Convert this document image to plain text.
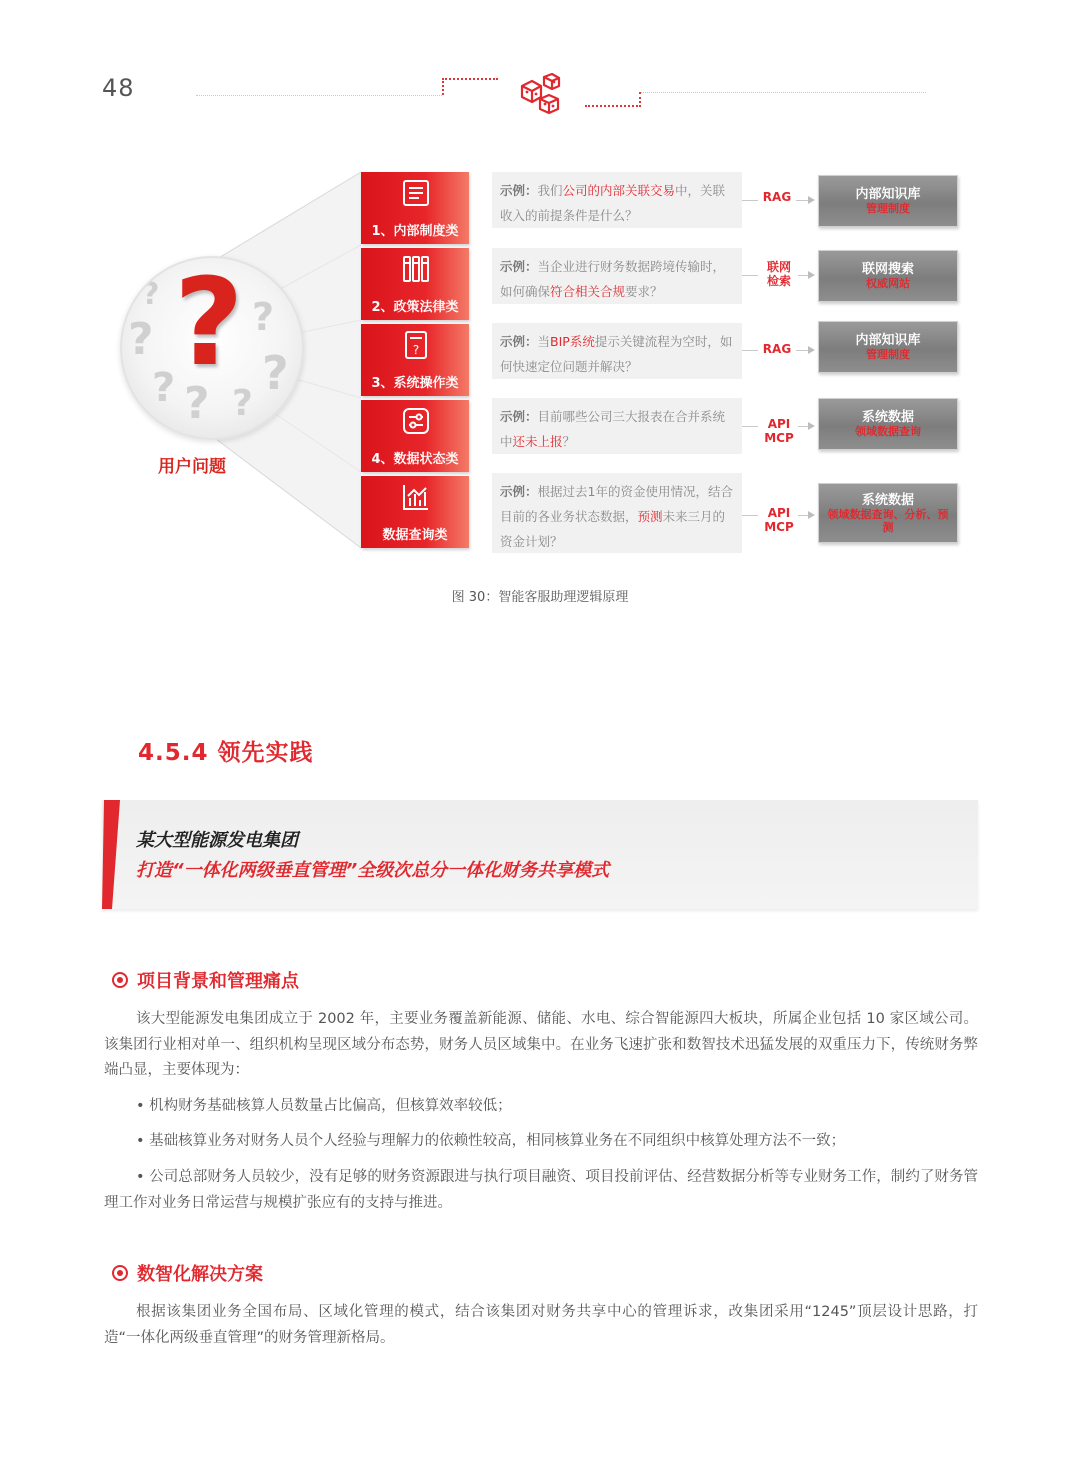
48
?
?
?
?
? ?
? ?
用户问题
1、内部制度类
2、政策法律类
?
3、系统操作类
4、数据状态类
数据查询类
示例：我们公司的内部关联交易中，关联收入的前提条件是什么？
示例：当企业进行财务数据跨境传输时，如何确保符合相关合规要求？
示例：当BIP系统提示关键流程为空时，如何快速定位问题并解决？
示例：目前哪些公司三大报表在合并系统中还未上报？
示例：根据过去1年的资金使用情况，结合目前的各业务状态数据，预测未来三月的资金计划？
RAG
联网
检索
RAG
API
MCP
API
MCP
内部知识库
管理制度
联网搜索
权威网站
内部知识库
管理制度
系统数据
领域数据查询
系统数据
领域数据查询、分析、预测
图 30：智能客服助理逻辑原理
4.5.4 领先实践
某大型能源发电集团
打造“一体化两级垂直管理”全级次总分一体化财务共享模式
项目背景和管理痛点
该大型能源发电集团成立于 2002 年，主要业务覆盖新能源、储能、水电、综合智能源四大板块，所属企业包括 10 家区域公司。该集团行业相对单一、组织机构呈现区域分布态势，财务人员区域集中。在业务飞速扩张和数智技术迅猛发展的双重压力下，传统财务弊端凸显，主要体现为：
• 机构财务基础核算人员数量占比偏高，但核算效率较低；
• 基础核算业务对财务人员个人经验与理解力的依赖性较高，相同核算业务在不同组织中核算处理方法不一致；
• 公司总部财务人员较少，没有足够的财务资源跟进与执行项目融资、项目投前评估、经营数据分析等专业财务工作，制约了财务管理工作对业务日常运营与规模扩张应有的支持与推进。
数智化解决方案
根据该集团业务全国布局、区域化管理的模式，结合该集团对财务共享中心的管理诉求，改集团采用“1245”顶层设计思路，打造“一体化两级垂直管理”的财务管理新格局。
